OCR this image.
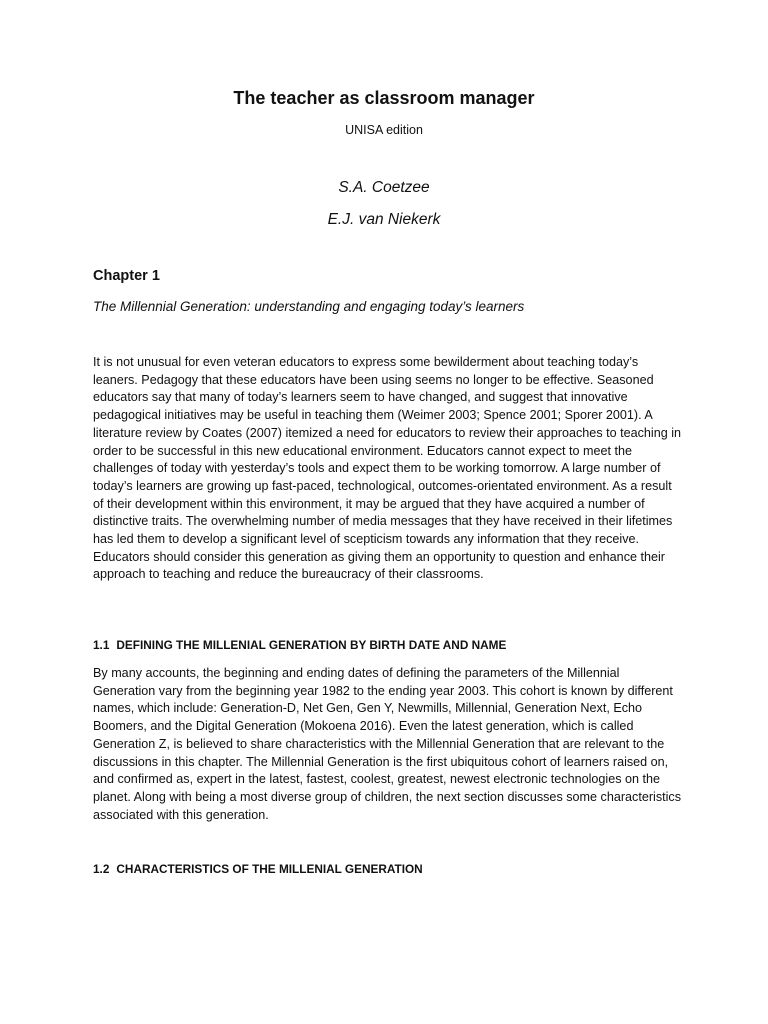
The teacher as classroom manager

UNISA edition

S.A. Coetzee

E.J. van Niekerk

Chapter 1

The Millennial Generation: understanding and engaging today’s learners

It is not unusual for even veteran educators to express some bewilderment about teaching today’s leaners. Pedagogy that these educators have been using seems no longer to be effective. Seasoned educators say that many of today’s learners seem to have changed, and suggest that innovative pedagogical initiatives may be useful in teaching them (Weimer 2003; Spence 2001; Sporer 2001). A literature review by Coates (2007) itemized a need for educators to review their approaches to teaching in order to be successful in this new educational environment. Educators cannot expect to meet the challenges of today with yesterday’s tools and expect them to be working tomorrow. A large number of today’s learners are growing up fast-paced, technological, outcomes-orientated environment. As a result of their development within this environment, it may be argued that they have acquired a number of distinctive traits. The overwhelming number of media messages that they have received in their lifetimes has led them to develop a significant level of scepticism towards any information that they receive. Educators should consider this generation as giving them an opportunity to question and enhance their approach to teaching and reduce the bureaucracy of their classrooms.

1.1 DEFINING THE MILLENIAL GENERATION BY BIRTH DATE AND NAME

By many accounts, the beginning and ending dates of defining the parameters of the Millennial Generation vary from the beginning year 1982 to the ending year 2003. This cohort is known by different names, which include: Generation-D, Net Gen, Gen Y, Newmills, Millennial, Generation Next, Echo Boomers, and the Digital Generation (Mokoena 2016). Even the latest generation, which is called Generation Z, is believed to share characteristics with the Millennial Generation that are relevant to the discussions in this chapter. The Millennial Generation is the first ubiquitous cohort of learners raised on, and confirmed as, expert in the latest, fastest, coolest, greatest, newest electronic technologies on the planet. Along with being a most diverse group of children, the next section discusses some characteristics associated with this generation.

1.2 CHARACTERISTICS OF THE MILLENIAL GENERATION
